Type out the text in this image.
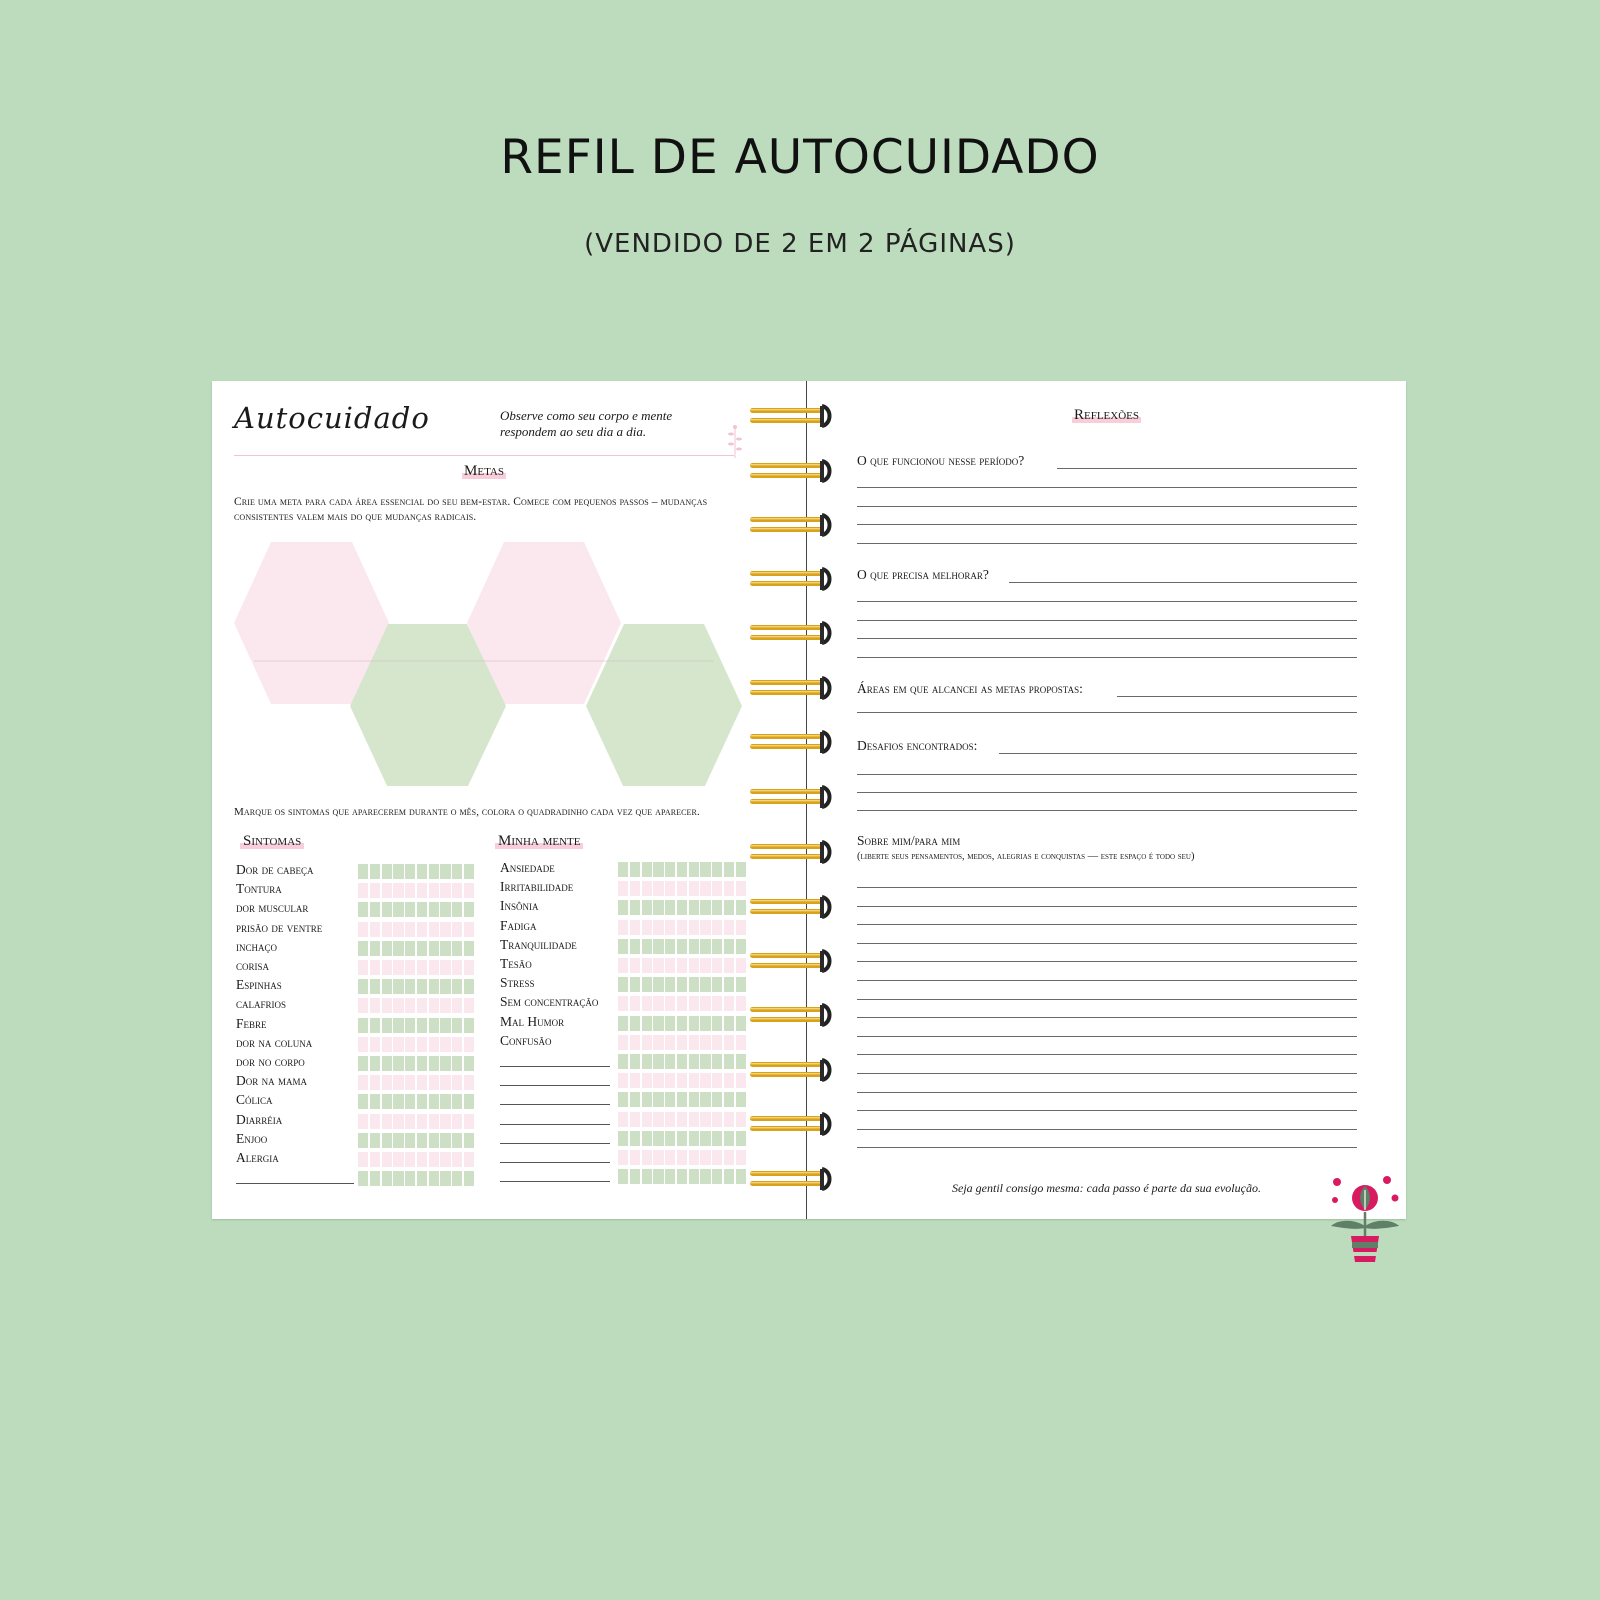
REFIL DE AUTOCUIDADO
(VENDIDO DE 2 EM 2 PÁGINAS)
Autocuidado	Observe como seu corpo e mente
respondem ao seu dia a dia.
Metas
Crie uma meta para cada área essencial do seu bem-estar. Comece com pequenos passos – mudanças consistentes valem mais do que mudanças radicais.
Marque os sintomas que aparecerem durante o mês, colora o quadradinho cada vez que aparecer.
Sintomas	Minha mente
Dor de cabeça
Tontura
dor muscular
prisão de ventre
inchaço
corisa
Espinhas
calafrios
Febre
dor na coluna
dor no corpo
Dor na mama
Cólica
Diarréia
Enjoo
Alergia
Ansiedade
Irritabilidade
Insônia
Fadiga
Tranquilidade
Tesão
Stress
Sem concentração
Mal Humor
Confusão
Reflexões
O que funcionou nesse período?
O que precisa melhorar?
Áreas em que alcancei as metas propostas:
Desafios encontrados:
Sobre mim/para mim
(liberte seus pensamentos, medos, alegrias e conquistas — este espaço é todo seu)
Seja gentil consigo mesma: cada passo é parte da sua evolução.
